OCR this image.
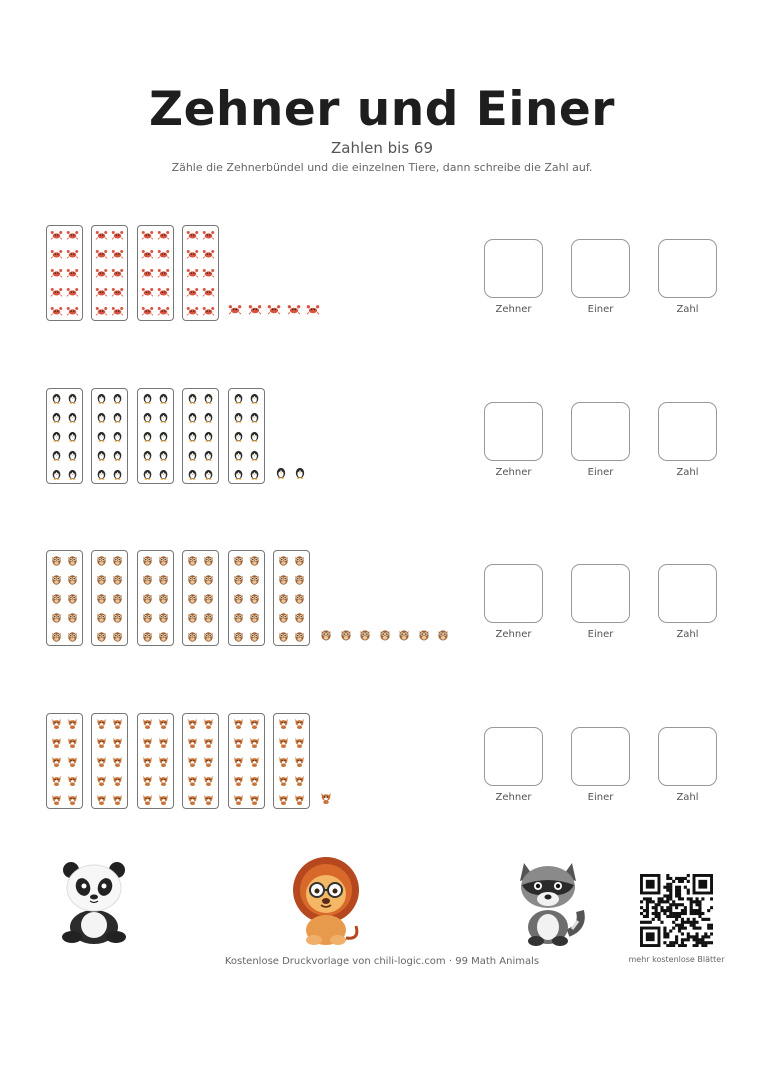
Zehner und Einer
Zahlen bis 69
Zähle die Zehnerbündel und die einzelnen Tiere, dann schreibe die Zahl auf.
Zehner	Einer	Zahl
Zehner	Einer	Zahl
Zehner	Einer	Zahl
Zehner	Einer	Zahl
Kostenlose Druckvorlage von chili-logic.com · 99 Math Animals	mehr kostenlose Blätter
